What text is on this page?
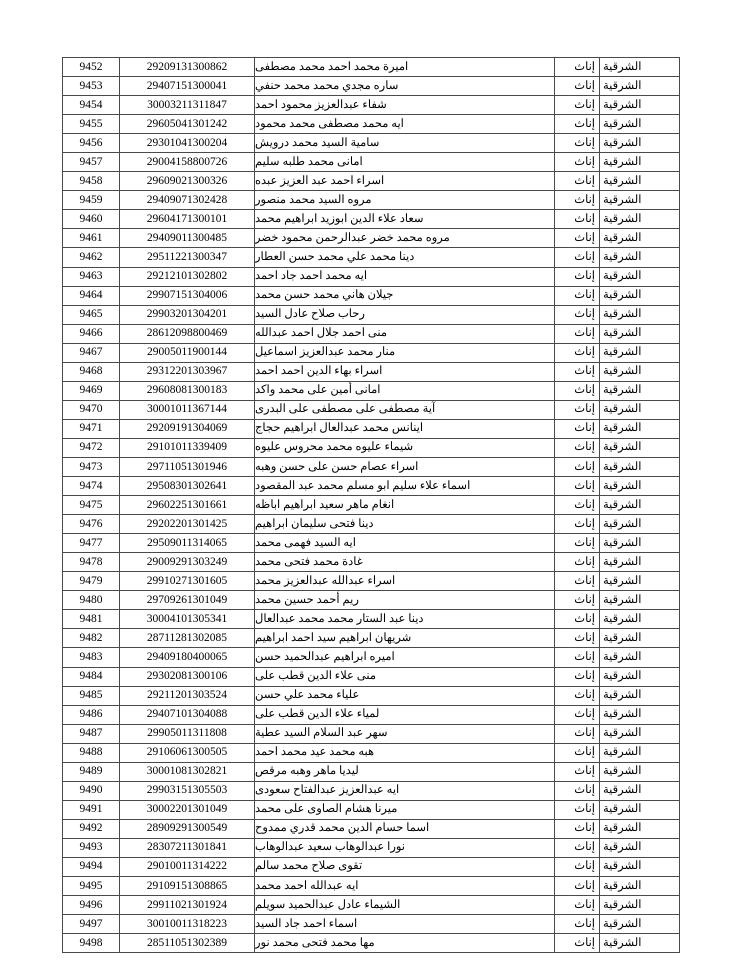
الشرقية	إناث	اميرة محمد احمد محمد مصطفى	29209131300862	9452

الشرقية	إناث	ساره مجدي محمد محمد حنفي	29407151300041	9453

الشرقية	إناث	شفاء عبدالعزيز محمود احمد	30003211311847	9454

الشرقية	إناث	ايه محمد مصطفى محمد محمود	29605041301242	9455

الشرقية	إناث	سامية السيد محمد درويش	29301041300204	9456

الشرقية	إناث	امانى محمد طلبه سليم	29004158800726	9457

الشرقية	إناث	اسراء احمد عبد العزيز عبده	29609021300326	9458

الشرقية	إناث	مروه السيد محمد منصور	29409071302428	9459

الشرقية	إناث	سعاد علاء الدين ابوزيد ابراهيم محمد	29604171300101	9460

الشرقية	إناث	مروه محمد خضر عبدالرحمن محمود خضر	29409011300485	9461

الشرقية	إناث	دينا محمد علي محمد حسن العطار	29511221300347	9462

الشرقية	إناث	ايه محمد احمد جاد احمد	29212101302802	9463

الشرقية	إناث	جيلان هاني محمد حسن محمد	29907151304006	9464

الشرقية	إناث	رحاب صلاح عادل السيد	29903201304201	9465

الشرقية	إناث	منى احمد جلال احمد عبدالله	28612098800469	9466

الشرقية	إناث	منار محمد عبدالعزيز اسماعيل	29005011900144	9467

الشرقية	إناث	اسراء بهاء الدين احمد احمد	29312201303967	9468

الشرقية	إناث	امانى أمين على محمد واكد	29608081300183	9469

الشرقية	إناث	آية مصطفى على مصطفى على البدرى	30001011367144	9470

الشرقية	إناث	اينانس محمد عبدالعال ابراهيم حجاج	29209191304069	9471

الشرقية	إناث	شيماء عليوه محمد محروس عليوه	29101011339409	9472

الشرقية	إناث	اسراء عصام حسن على حسن وهبه	29711051301946	9473

الشرقية	إناث	اسماء علاء سليم ابو مسلم محمد عبد المقصود	29508301302641	9474

الشرقية	إناث	انغام ماهر سعيد ابراهيم اباظه	29602251301661	9475

الشرقية	إناث	دينا فتحى سليمان ابراهيم	29202201301425	9476

الشرقية	إناث	ايه السيد فهمى محمد	29509011314065	9477

الشرقية	إناث	غادة محمد فتحى محمد	29009291303249	9478

الشرقية	إناث	اسراء عبدالله عبدالعزيز محمد	29910271301605	9479

الشرقية	إناث	ريم أحمد حسين محمد	29709261301049	9480

الشرقية	إناث	دينا عبد الستار محمد محمد عبدالعال	30004101305341	9481

الشرقية	إناث	شريهان ابراهيم سيد احمد ابراهيم	28711281302085	9482

الشرقية	إناث	اميره ابراهيم عبدالحميد حسن	29409180400065	9483

الشرقية	إناث	منى علاء الدين قطب على	29302081300106	9484

الشرقية	إناث	علياء محمد علي حسن	29211201303524	9485

الشرقية	إناث	لمياء علاء الدين قطب على	29407101304088	9486

الشرقية	إناث	سهر عبد السلام السيد عطية	29905011311808	9487

الشرقية	إناث	هبه محمد عيد محمد احمد	29106061300505	9488

الشرقية	إناث	ليديا ماهر وهبه مرقص	30001081302821	9489

الشرقية	إناث	ايه عبدالعزيز عبدالفتاح سعودى	29903151305503	9490

الشرقية	إناث	ميرنا هشام الصاوى على محمد	30002201301049	9491

الشرقية	إناث	اسما حسام الدين محمد قدري ممدوح	28909291300549	9492

الشرقية	إناث	نورا عبدالوهاب سعيد عبدالوهاب	28307211301841	9493

الشرقية	إناث	تقوى صلاح محمد سالم	29010011314222	9494

الشرقية	إناث	ايه عبدالله احمد محمد	29109151308865	9495

الشرقية	إناث	الشيماء عادل عبدالحميد سويلم	29911021301924	9496

الشرقية	إناث	اسماء احمد جاد السيد	30010011318223	9497

الشرقية	إناث	مها محمد فتحى محمد نور	28511051302389	9498
